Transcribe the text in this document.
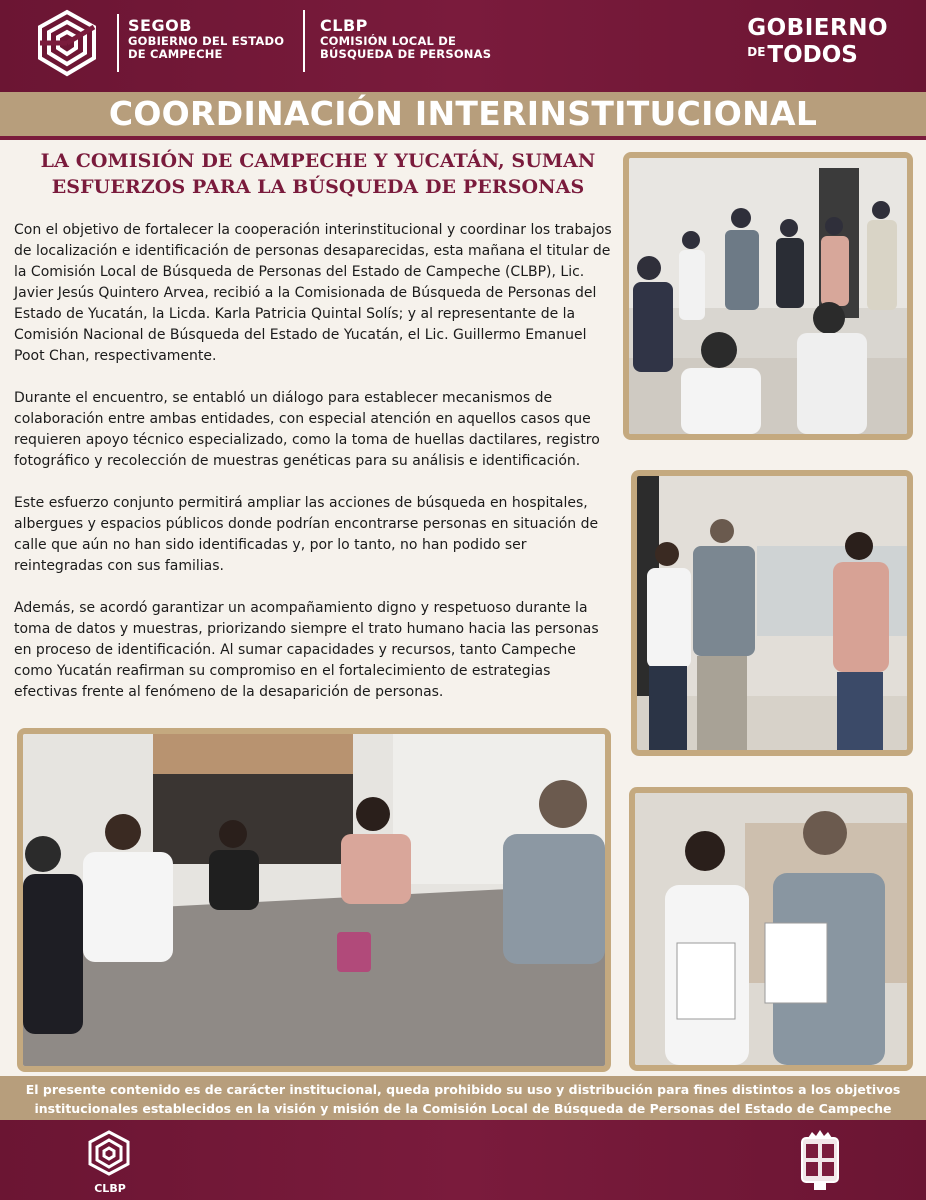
SEGOB
GOBIERNO DEL ESTADO
DE CAMPECHE
CLBP
COMISIÓN LOCAL DE
BÚSQUEDA DE PERSONAS
GOBIERNO
$^{DE}$TODOS
COORDINACIÓN INTERINSTITUCIONAL
LA COMISIÓN DE CAMPECHE Y YUCATÁN, SUMAN
ESFUERZOS PARA LA BÚSQUEDA DE PERSONAS

Con el objetivo de fortalecer la cooperación interinstitucional y coordinar los trabajos de localización e identificación de personas desaparecidas, esta mañana el titular de la Comisión Local de Búsqueda de Personas del Estado de Campeche (CLBP), Lic. Javier Jesús Quintero Arvea, recibió a la Comisionada de Búsqueda de Personas del Estado de Yucatán, la Licda. Karla Patricia Quintal Solís; y al representante de la Comisión Nacional de Búsqueda del Estado de Yucatán, el Lic. Guillermo Emanuel Poot Chan, respectivamente.

Durante el encuentro, se entabló un diálogo para establecer mecanismos de colaboración entre ambas entidades, con especial atención en aquellos casos que requieren apoyo técnico especializado, como la toma de huellas dactilares, registro fotográfico y recolección de muestras genéticas para su análisis e identificación.

Este esfuerzo conjunto permitirá ampliar las acciones de búsqueda en hospitales, albergues y espacios públicos donde podrían encontrarse personas en situación de calle que aún no han sido identificadas y, por lo tanto, no han podido ser reintegradas con sus familias.

Además, se acordó garantizar un acompañamiento digno y respetuoso durante la toma de datos y muestras, priorizando siempre el trato humano hacia las personas en proceso de identificación. Al sumar capacidades y recursos, tanto Campeche como Yucatán reafirman su compromiso en el fortalecimiento de estrategias efectivas frente al fenómeno de la desaparición de personas.

El presente contenido es de carácter institucional, queda prohibido su uso y distribución para fines distintos a los objetivos
institucionales establecidos en la visión y misión de la Comisión Local de Búsqueda de Personas del Estado de Campeche
CLBP
